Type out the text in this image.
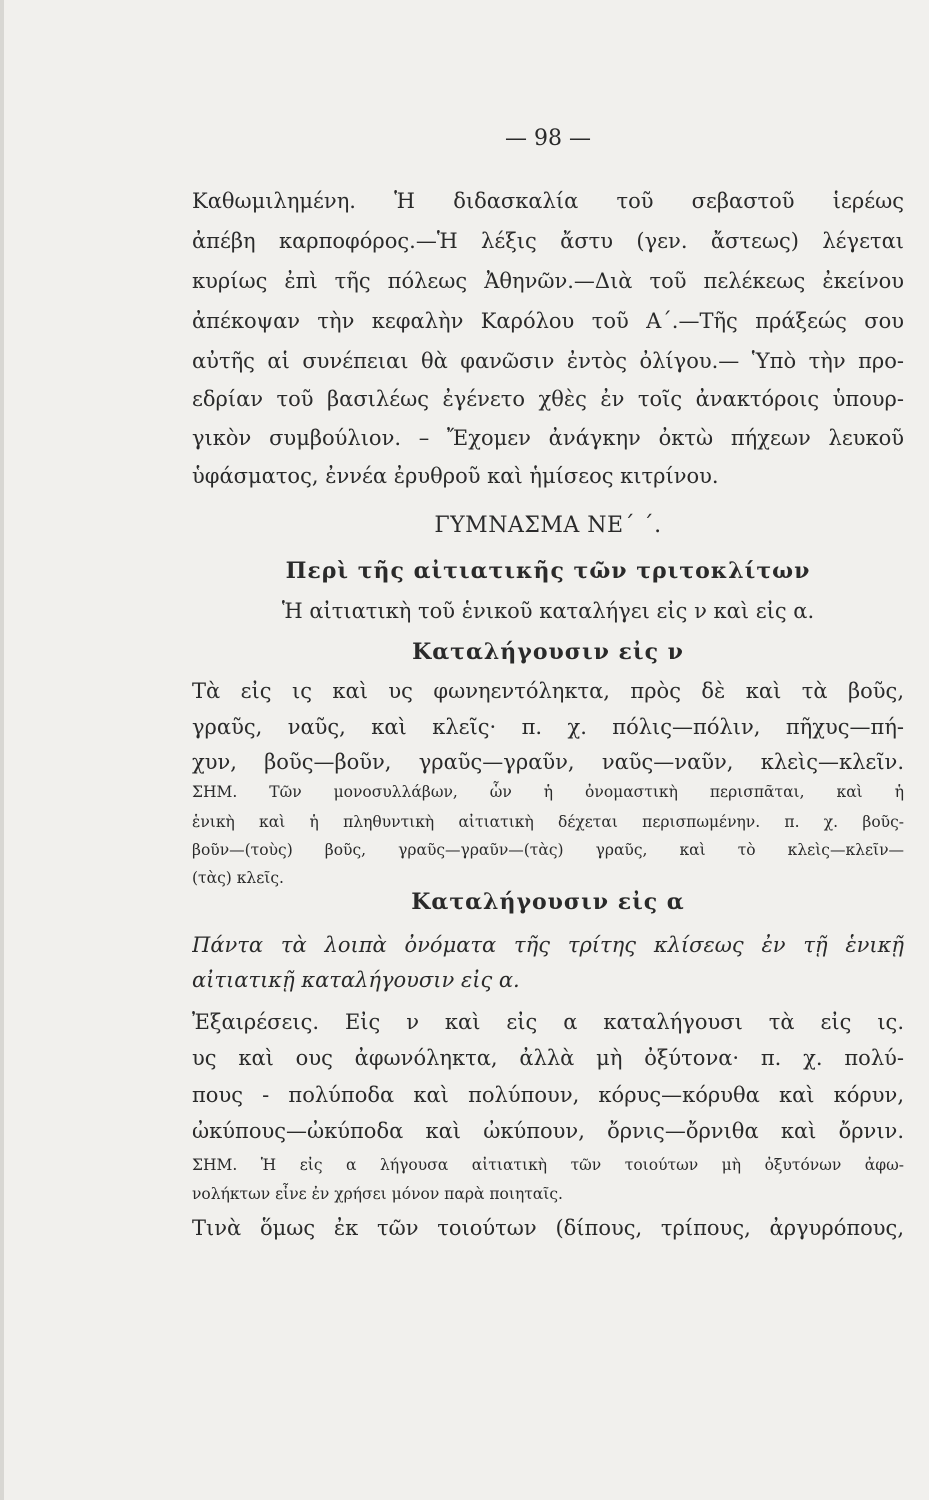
— 98 —
Καθωμιλημένη. Ἡ διδασκαλία τοῦ σεβαστοῦ ἱερέως
ἀπέβη καρποφόρος.—Ἡ λέξις ἄστυ (γεν. ἄστεως) λέγεται
κυρίως ἐπὶ τῆς πόλεως Ἀθηνῶν.—Διὰ τοῦ πελέκεως ἐκείνου
ἀπέκοψαν τὴν κεφαλὴν Καρόλου τοῦ Α΄.—Τῆς πράξεώς σου
αὐτῆς αἱ συνέπειαι θὰ φανῶσιν ἐντὸς ὀλίγου.— Ὑπὸ τὴν προ-
εδρίαν τοῦ βασιλέως ἐγένετο χθὲς ἐν τοῖς ἀνακτόροις ὑπουρ-
γικὸν συμβούλιον. – Ἔχομεν ἀνάγκην ὀκτὼ πήχεων λευκοῦ
ὑφάσματος, ἐννέα ἐρυθροῦ καὶ ἡμίσεος κιτρίνου.
ΓΥΜΝΑΣΜΑ ΝΕ΄ ΄.
Περὶ τῆς αἰτιατικῆς τῶν τριτοκλίτων
Ἡ αἰτιατικὴ τοῦ ἑνικοῦ καταλήγει εἰς ν καὶ εἰς α.
Καταλήγουσιν εἰς ν
Τὰ εἰς ις καὶ υς φωνηεντόληκτα, πρὸς δὲ καὶ τὰ βοῦς,
γραῦς, ναῦς, καὶ κλεῖς· π. χ. πόλις—πόλιν, πῆχυς—πή-
χυν, βοῦς—βοῦν, γραῦς—γραῦν, ναῦς—ναῦν, κλεὶς—κλεῖν.
ΣΗΜ. Τῶν μονοσυλλάβων, ὧν ἡ ὀνομαστικὴ περισπᾶται, καὶ ἡ
ἑνικὴ καὶ ἡ πληθυντικὴ αἰτιατικὴ δέχεται περισπωμένην. π. χ. βοῦς-
βοῦν—(τοὺς) βοῦς, γραῦς—γραῦν—(τὰς) γραῦς, καὶ τὸ κλεὶς—κλεῖν—
(τὰς) κλεῖς.
Καταλήγουσιν εἰς α
Πάντα τὰ λοιπὰ ὀνόματα τῆς τρίτης κλίσεως ἐν τῇ ἑνικῇ
αἰτιατικῇ καταλήγουσιν εἰς α.
Ἐξαιρέσεις. Εἰς ν καὶ εἰς α καταλήγουσι τὰ εἰς ις.
υς καὶ ους ἀφωνόληκτα, ἀλλὰ μὴ ὀξύτονα· π. χ. πολύ-
πους - πολύποδα καὶ πολύπουν, κόρυς—κόρυθα καὶ κόρυν,
ὠκύπους—ὠκύποδα καὶ ὠκύπουν, ὄρνις—ὄρνιθα καὶ ὄρνιν.
ΣΗΜ. Ἡ εἰς α λήγουσα αἰτιατικὴ τῶν τοιούτων μὴ ὀξυτόνων ἀφω-
νολήκτων εἶνε ἐν χρήσει μόνον παρὰ ποιηταῖς.
Τινὰ ὅμως ἐκ τῶν τοιούτων (δίπους, τρίπους, ἀργυρόπους,
